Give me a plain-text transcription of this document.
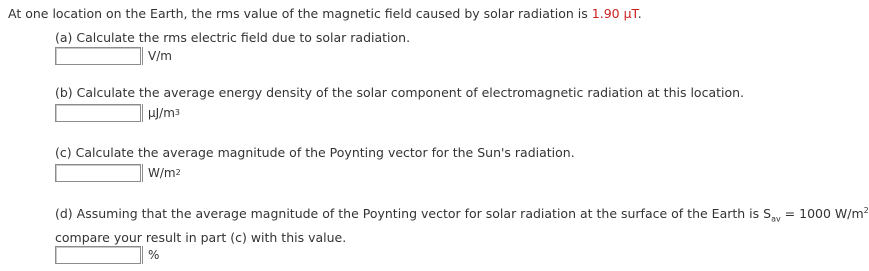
At one location on the Earth, the rms value of the magnetic field caused by solar radiation is 1.90 µT.
(a) Calculate the rms electric field due to solar radiation.
V/m
(b) Calculate the average energy density of the solar component of electromagnetic radiation at this location.
µJ/m 3
(c) Calculate the average magnitude of the Poynting vector for the Sun's radiation.
W/m 2
(d) Assuming that the average magnitude of the Poynting vector for solar radiation at the surface of the Earth is $S_{av} = 1000$ $W/m^2$
compare your result in part (c) with this value.
%
